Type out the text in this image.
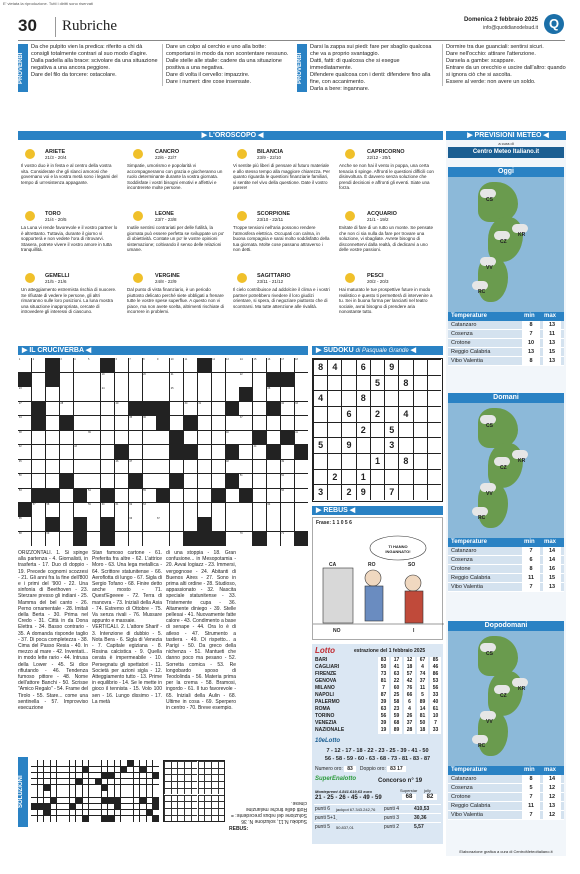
E' vietata la riproduzione. Tutti i diritti sono riservati
30 Rubriche	Domenica 2 febbraio 2025
info@quotidianodelsud.it Q
PROVERBI
Da che pulpito vien la predica: riferito a chi dà consigli totalmente contrari al suo modo d'agire.
Dalla padella alla brace: scivolare da una situazione negativa a una ancora peggiore.
Dare del filo da torcere: ostacolare.
Dare un colpo al cerchio e uno alla botte: comportarsi in modo da non scontentare nessuno.
Dalle stelle alle stalle: cadere da una situazione positiva a una negativa.
Dare di volta il cervello: impazzire.
Dare i numeri: dire cose insensate.	PROVERBI
Darsi la zappa sui piedi: fare per sbaglio qualcosa che va a proprio svantaggio.
Datti, fatti: di qualcosa che si esegue immediatamente.
Difendere qualcosa con i denti: difendere fino alla fine, con accanimento.
Darla a bere: ingannare.
Dormire tra due guanciali: sentirsi sicuri.
Dare nell'occhio: attirare l'attenzione.
Darsela a gambe: scappare.
Entrare da un orecchio e uscire dall'altro: quando si ignora ciò che si ascolta.
Essere al verde: non avere un soldo.
▶ L'OROSCOPO ◀
ARIETE
21/3 - 20/4
Il vostro duo è in festa e al centro della vostra vita. Considerate che gli slanci amorosi che governano voi e la vostra metà sono i legami del tempo di un'esistenza appagante.
CANCRO
22/6 - 22/7
Simpatie, umorismo e popolarità vi accompagneranno con grazia e giocheranno un ruolo determinante durante la vostra giornata. Soddisfate i vostri bisogni emotivi e affettivi e incontrerete molte persone.
BILANCIA
23/9 - 22/10
Vi sentite più liberi di pensare al futuro materiale e allo stesso tempo alla maggiore chiarezza. Per quanto riguarda le questioni finanziarie familiari, vi sentite nel vivo della questione. Date il vostro parere!
CAPRICORNO
22/12 - 20/1
Anche se non hai il vento in poppa, una certa tenacia ti spinge. Affronti le questioni difficili con disinvoltura. È davvero senza soluzione che prendi decisioni e affronti gli eventi. Siate una forza.
TORO
21/4 - 20/5
La Luna vi rende favorevole e il vostro partner lo è altrettanto. Tuttavia, durante il giorno vi sopporterà e non vedete l'ora di ritrovarvi. Stasera, potrete vivere il vostro amore in tutta tranquillità.
LEONE
23/7 - 23/8
Inutile sentirsi contrariati per delle futilità, la giornata può essere perfetta se sviluppate un po' di obiettività. Contate un po' le vostre opinioni sistemazione; coltivando il senso delle relazioni umane.
SCORPIONE
23/10 - 22/11
Troppe tensioni nell'aria possono rendere l'atmosfera elettrica. Occupati con calma, in buona compagnia e sarai molto soddisfatto della tua giornata. Molte cose passano attraverso i non detti.
ACQUARIO
21/1 - 19/2
Evitate di fare di un rutto un monte. Se pensate che non ci sia nulla da fare per trovare una soluzione, vi sbagliate. Avrete bisogno di disconnettervi dalla realtà, di dedicarvi a uno delle vostre passioni.
GEMELLI
21/5 - 21/6
Un atteggiamento estremista rischia di nuocere. Se rifiutate di vedere le persone, gli altri rimarranno sulle loro posizioni. La luna mostra una situazione inappropriata, cercate di introvedere gli interessi di ciascuno.
VERGINE
24/8 - 22/9
Dal punto di vista finanziario, è un periodo piuttosto delicato perché siete obbligati a frenare tutte le vostre spese superflue. A questo non vi piace, ma non avete scelta, altrimenti rischiate di incorrere in problemi.
SAGITTARIO
23/11 - 21/12
Il cielo contribuisce ad addolcire il clima e i vostri partner potrebbero rivedere il loro giudizi orientare, si spera, di negoziare piuttosto che di scontrarsi. Ma tutte attenzione alle rivalità.
PESCI
20/2 - 20/3
Hai maturato le tue prospettive future in modo realistico e questo ti permetterà di intervenire a tu. Sei in buona forma per lanciarti nel teatro sociale, avrai bisogno di prendere aria nonostante tutto.
▶ PREVISIONI METEO ◀
a cura di
Centro Meteo Italiano.it
Oggi
CS
KR
CZ
VV
RC
Temperature	min max
Catanzaro	8	13
Cosenza	7	11
Crotone	10	13
Reggio Calabria	13	15
Vibo Valentia	8	13
Domani
CS
KR
CZ
VV
RC
Temperature	min max
Catanzaro	7	14
Cosenza	6	14
Crotone	8	16
Reggio Calabria	11	15
Vibo Valentia	7	13
Dopodomani
CS
KR
CZ
VV
RC
Temperature	min max
Catanzaro	8	14
Cosenza	5	12
Crotone	7	12
Reggio Calabria	11	13
Vibo Valentia	7	12
Elaborazione grafica a cura di CentroMeteoItaliano.it
▶ IL CRUCIVERBA ◀
1	2	3	4	5	6	7	8	9	10	11	12	13	14	15	16	17	18
19	20	21	22
23	24	25	26
27	28	29	30	31	32	33
34	35	36	37
38	39	40	41
42	43	44
45	46	47	48	49
50	51	52
53	54	55	56
57	58	59	60	61	62	63	64
65	66	67
68	69	70	71
ORIZZONTALI. 1. Si spinge alla partenza - 4. Giornalisti, in trasferta - 17. Duo di doppio - 19. Precede cognomi scozzesi - 21. Gli anni fra la fine dell'800 e i primi del '900 - 22. Una sinfonia di Beethoven - 23. Sterzare presso gli indiani - 25. Mamma del bel canto - 26. Perno ornamentale - 28. Imitali della Berta - 30. Prima nel Credo - 31. Città in da Dona Elettra - 34. Basso contrario - 35. A domanda risponde taglio - 37. Di poca completezza - 38. Cima del Passo Resia - 40. In mezzo al mare - 42. Inventati... in modo lette rario - 44. Intrusa della Lower - 45. Si dice rifiutando - 46. Tendenza fumoso pittore - 48. Nome dell'attore Banchi - 50. Scrisse "Amico Regalo" - 54. Frame del Tirolo - 55. Stare... come una sentinella - 57. Improvviso esecuzione
Stan famoso cartone - 61. Preferita fra altre - 62. L'attrice Moro - 63. Una lega metallica - 64. Scrittore statunitense - 66. Aeroflotta di lungo - 67. Sigla di Sergio Tofano - 68. Finire detto anche mosto - 71. Quest'Egeeee - 72. Terra di manovra - 73. Iniziali della Asia - 74. Estremo di Ottobre - 75. Va senza rivali - 76. Mussare appunto e massaie.
VERTICALI. 2. L'attore Sharif - 3. Intenzione di dubbio - 5. Nota Bera - 6. Sigla di Venezia - 7. Capitale egiziana - 8. Rosina calcistica - 9. Quella cerata è impermeabile - 10. Persegnatu gli spettatori - 11. Società per azioni sigla - 12. Atteggiamento tutto - 13. Prime in equilibrio - 14. Se le mette in gioco il tennista - 15. Volo 100 sen - 16. Lungo dissimo - 17. La metà
di una stoppia - 18. Gran confusione... in Mesopotamia - 20. Avvai logiazz - 23. Immersi, vergognose - 24. Abitanti di Buenos Aires - 27. Sono in prima alti ordine - 28. Studioso, appassionato - 32. Nascita speciale statunitense - 33. Tristemente cupa - 36. Altamente diniego - 39. Stelle pellesai - 41. Nuovamente fatte calore - 43. Condimento a base di senape - 44. Ora lo è di atleso - 47. Strumento a tastiera - 49. Di rispetto... a Parigi - 50. Da greco della nichenza - 51. Mantueti che danno poco ma pesano - 52. Sorretta comica - 53. Re longobardo sposo di Teodolinda - 56. Materia prima per la crema - 58. Bramosi, ingordo - 61. Il tuo favorevole - 65. Iniziali della Aulin - 68. Ultime in cosa - 69. Sperpero in centro - 70. Breve esempio.
▶ SUDOKU di Pasquale Grande ◀
8	4	6	9
5	8
4	8
6	2	4
2	5
5	9	3
1	8
2	1
3	2	9	7
▶ REBUS ◀
Frase: 1 1 0 5 6
TI HANNO INGANNATO!
CA	RO	SO
NO	I
Lotto	estrazione del 1 febbraio 2025
BARI	83	17	12	67	85
CAGLIARI	50	41	18	4	46
FIRENZE	73	63	57	74	86
GENOVA	81	22	42	37	53
MILANO	7	60	76	11	56
NAPOLI	87	25	66	5	33
PALERMO	39	58	6	89	40
ROMA	63	23	4	14	61
TORINO	56	59	26	81	10
VENEZIA	39	68	37	50	7
NAZIONALE	19	89	28	18	33
10eLotto
7 - 12 - 17 - 18 - 22 - 23 - 25 - 39 - 41 - 50
56 - 58 - 59 - 60 - 63 - 68 - 73 - 81 - 83 - 87
Numero oro: 83 Doppio oro: 83 17
SuperEnalotto	Concorso n° 19
Montepremi 4.841.619,63 euro
21 - 25 - 26 - 45 - 49 - 59
Superstar jolly
68	82
punti 6 jackpot 67.343.242,76 punti 4	410,53
punti 5+1 -	punti 3	30,36
punti 5 50.837,01	punti 2	5,57
SOLUZIONI
Sudoku N.11, soluzione N. 36
Soluzione del rebus precedente: = Rotti delle tinche melanzine cinese.
REBUS:
